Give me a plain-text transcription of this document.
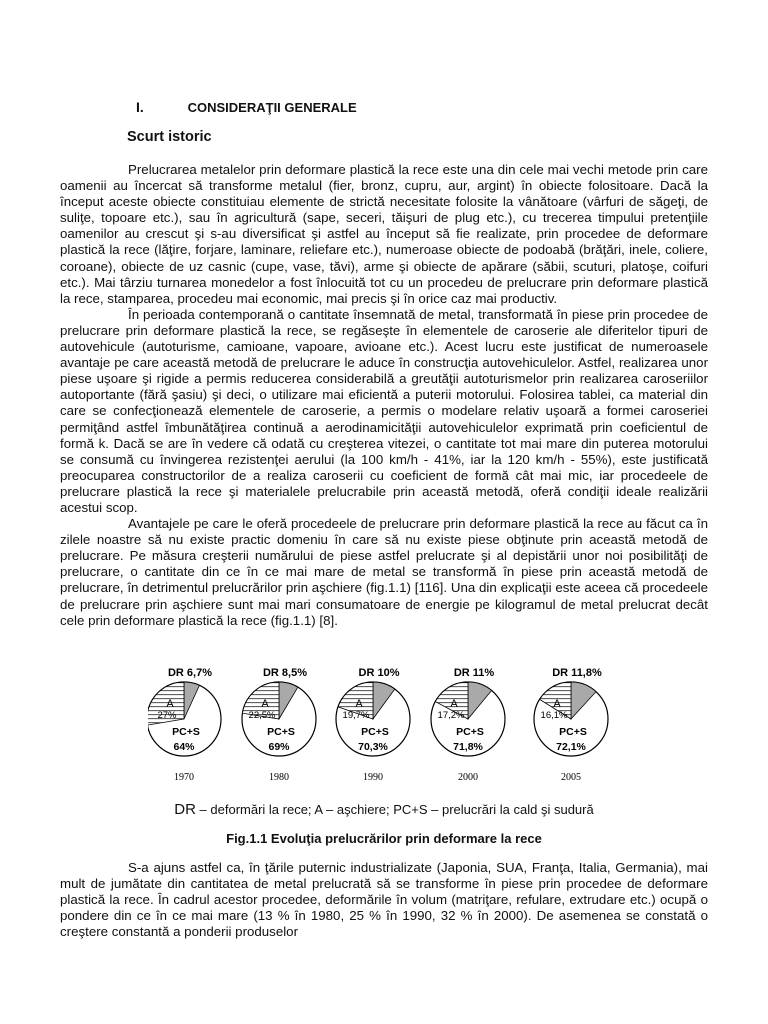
I.	CONSIDERAŢII GENERALE
Scurt istoric

Prelucrarea metalelor prin deformare plastică la rece este una din cele mai vechi metode prin care oamenii au încercat să transforme metalul (fier, bronz, cupru, aur, argint) în obiecte folositoare. Dacă la început aceste obiecte constituiau elemente de strictă necesitate folosite la vânătoare (vârfuri de săgeţi, de suliţe, topoare etc.), sau în agricultură (sape, seceri, tăişuri de plug etc.), cu trecerea timpului pretenţiile oamenilor au crescut şi s-au diversificat şi astfel au început să fie realizate, prin procedee de deformare plastică la rece (lăţire, forjare, laminare, reliefare etc.), numeroase obiecte de podoabă (brăţări, inele, coliere, coroane), obiecte de uz casnic (cupe, vase, tăvi), arme şi obiecte de apărare (săbii, scuturi, platoşe, coifuri etc.). Mai târziu turnarea monedelor a fost înlocuită tot cu un procedeu de prelucrare prin deformare plastică la rece, stamparea, procedeu mai economic, mai precis şi în orice caz mai productiv.

În perioada contemporană o cantitate însemnată de metal, transformată în piese prin procedee de prelucrare prin deformare plastică la rece, se regăseşte în elementele de caroserie ale diferitelor tipuri de autovehicule (autoturisme, camioane, vapoare, avioane etc.). Acest lucru este justificat de numeroasele avantaje pe care această metodă de prelucrare le aduce în construcţia autovehiculelor. Astfel, realizarea unor piese uşoare şi rigide a permis reducerea considerabilă a greutăţii autoturismelor prin realizarea caroseriilor autoportante (fără şasiu) şi deci, o utilizare mai eficientă a puterii motorului. Folosirea tablei, ca material din care se confecţionează elementele de caroserie, a permis o modelare relativ uşoară a formei caroseriei permiţând astfel îmbunătăţirea continuă a aerodinamicităţii autovehiculelor exprimată prin coeficientul de formă k. Dacă se are în vedere că odată cu creşterea vitezei, o cantitate tot mai mare din puterea motorului se consumă cu învingerea rezistenţei aerului (la 100 km/h - 41%, iar la 120 km/h - 55%), este justificată preocuparea constructorilor de a realiza caroserii cu coeficient de formă cât mai mic, iar procedeele de prelucrare plastică la rece şi materialele prelucrabile prin această metodă, oferă condiţii ideale realizării acestui scop.

Avantajele pe care le oferă procedeele de prelucrare prin deformare plastică la rece au făcut ca în zilele noastre să nu existe practic domeniu în care să nu existe piese obţinute prin această metodă de prelucrare. Pe măsura creşterii numărului de piese astfel prelucrate şi al depistării unor noi posibilităţi de prelucrare, o cantitate din ce în ce mai mare de metal se transformă în piese prin această metodă de prelucrare, în detrimentul prelucrărilor prin aşchiere (fig.1.1) [116]. Una din explicaţii este aceea că procedeele de prelucrare prin aşchiere sunt mai mari consumatoare de energie pe kilogramul de metal prelucrat decât cele prin deformare plastică la rece (fig.1.1) [8].

DR 6,7%
A
27%
PC+S
64%
1970
DR 8,5%
A
22,5%
PC+S
69%
1980
DR 10%
A
19,7%
PC+S
70,3%
1990
DR 11%
A
17,2%
PC+S
71,8%
2000
DR 11,8%
A
16,1%
PC+S
72,1%
2005
DR – deformări la rece; A – aşchiere; PC+S – prelucrări la cald şi sudură
Fig.1.1 Evoluţia prelucrărilor prin deformare la rece

S-a ajuns astfel ca, în ţările puternic industrializate (Japonia, SUA, Franţa, Italia, Germania), mai mult de jumătate din cantitatea de metal prelucrată să se transforme în piese prin procedee de deformare plastică la rece. În cadrul acestor procedee, deformările în volum (matriţare, refulare, extrudare etc.) ocupă o pondere din ce în ce mai mare (13 % în 1980, 25 % în 1990, 32 % în 2000). De asemenea se constată o creştere constantă a ponderii produselor
